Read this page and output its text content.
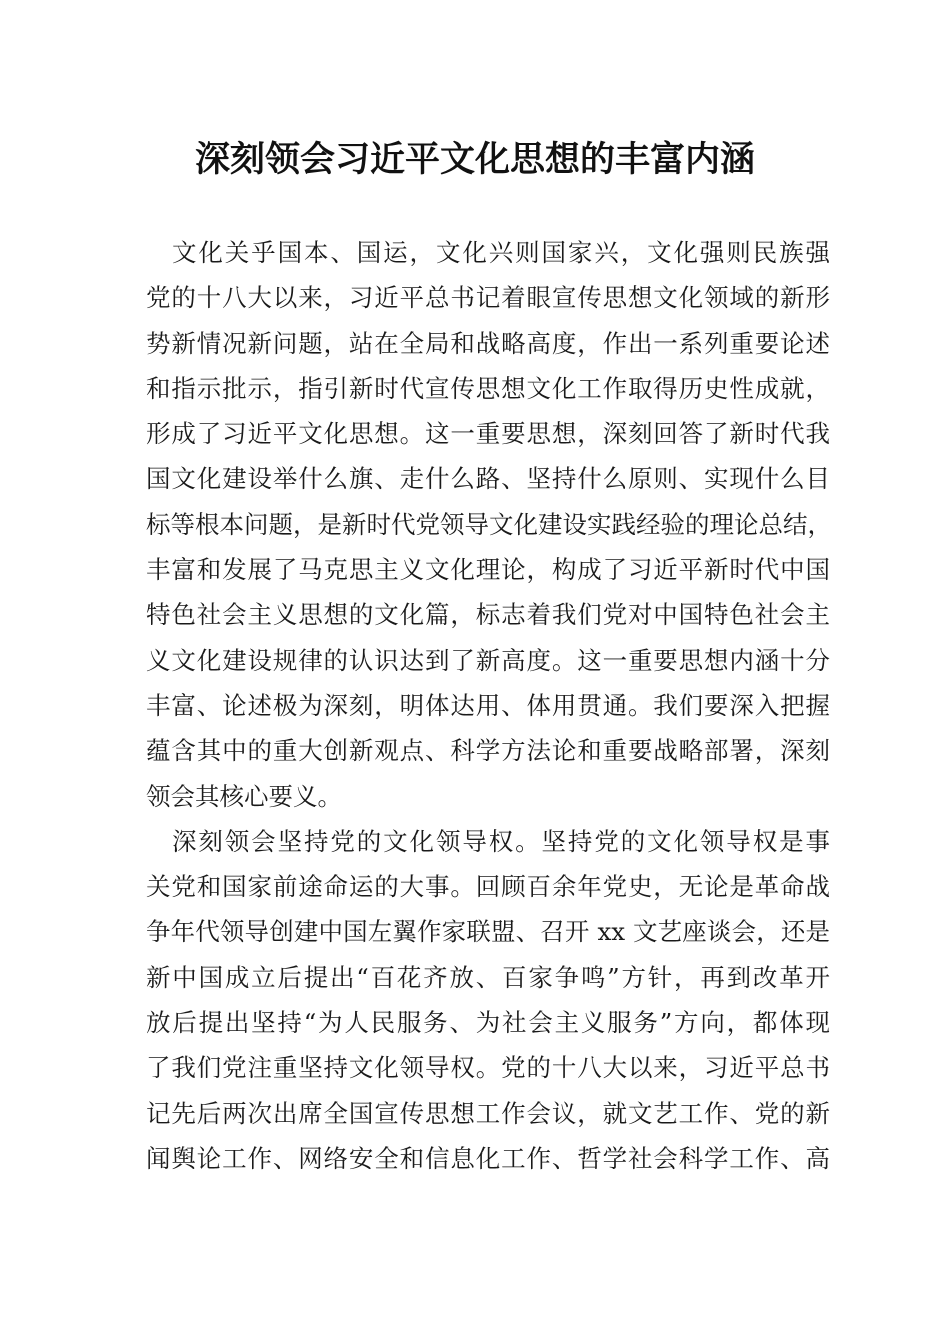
深刻领会习近平文化思想的丰富内涵
文化关乎国本、国运，文化兴则国家兴，文化强则民族强
党的十八大以来，习近平总书记着眼宣传思想文化领域的新形
势新情况新问题，站在全局和战略高度，作出一系列重要论述
和指示批示，指引新时代宣传思想文化工作取得历史性成就，
形成了习近平文化思想。这一重要思想，深刻回答了新时代我
国文化建设举什么旗、走什么路、坚持什么原则、实现什么目
标等根本问题，是新时代党领导文化建设实践经验的理论总结，
丰富和发展了马克思主义文化理论，构成了习近平新时代中国
特色社会主义思想的文化篇，标志着我们党对中国特色社会主
义文化建设规律的认识达到了新高度。这一重要思想内涵十分
丰富、论述极为深刻，明体达用、体用贯通。我们要深入把握
蕴含其中的重大创新观点、科学方法论和重要战略部署，深刻
领会其核心要义。
深刻领会坚持党的文化领导权。坚持党的文化领导权是事
关党和国家前途命运的大事。回顾百余年党史，无论是革命战
争年代领导创建中国左翼作家联盟、召开 xx 文艺座谈会，还是
新中国成立后提出“百花齐放、百家争鸣”方针，再到改革开
放后提出坚持“为人民服务、为社会主义服务”方向，都体现
了我们党注重坚持文化领导权。党的十八大以来，习近平总书
记先后两次出席全国宣传思想工作会议，就文艺工作、党的新
闻舆论工作、网络安全和信息化工作、哲学社会科学工作、高
